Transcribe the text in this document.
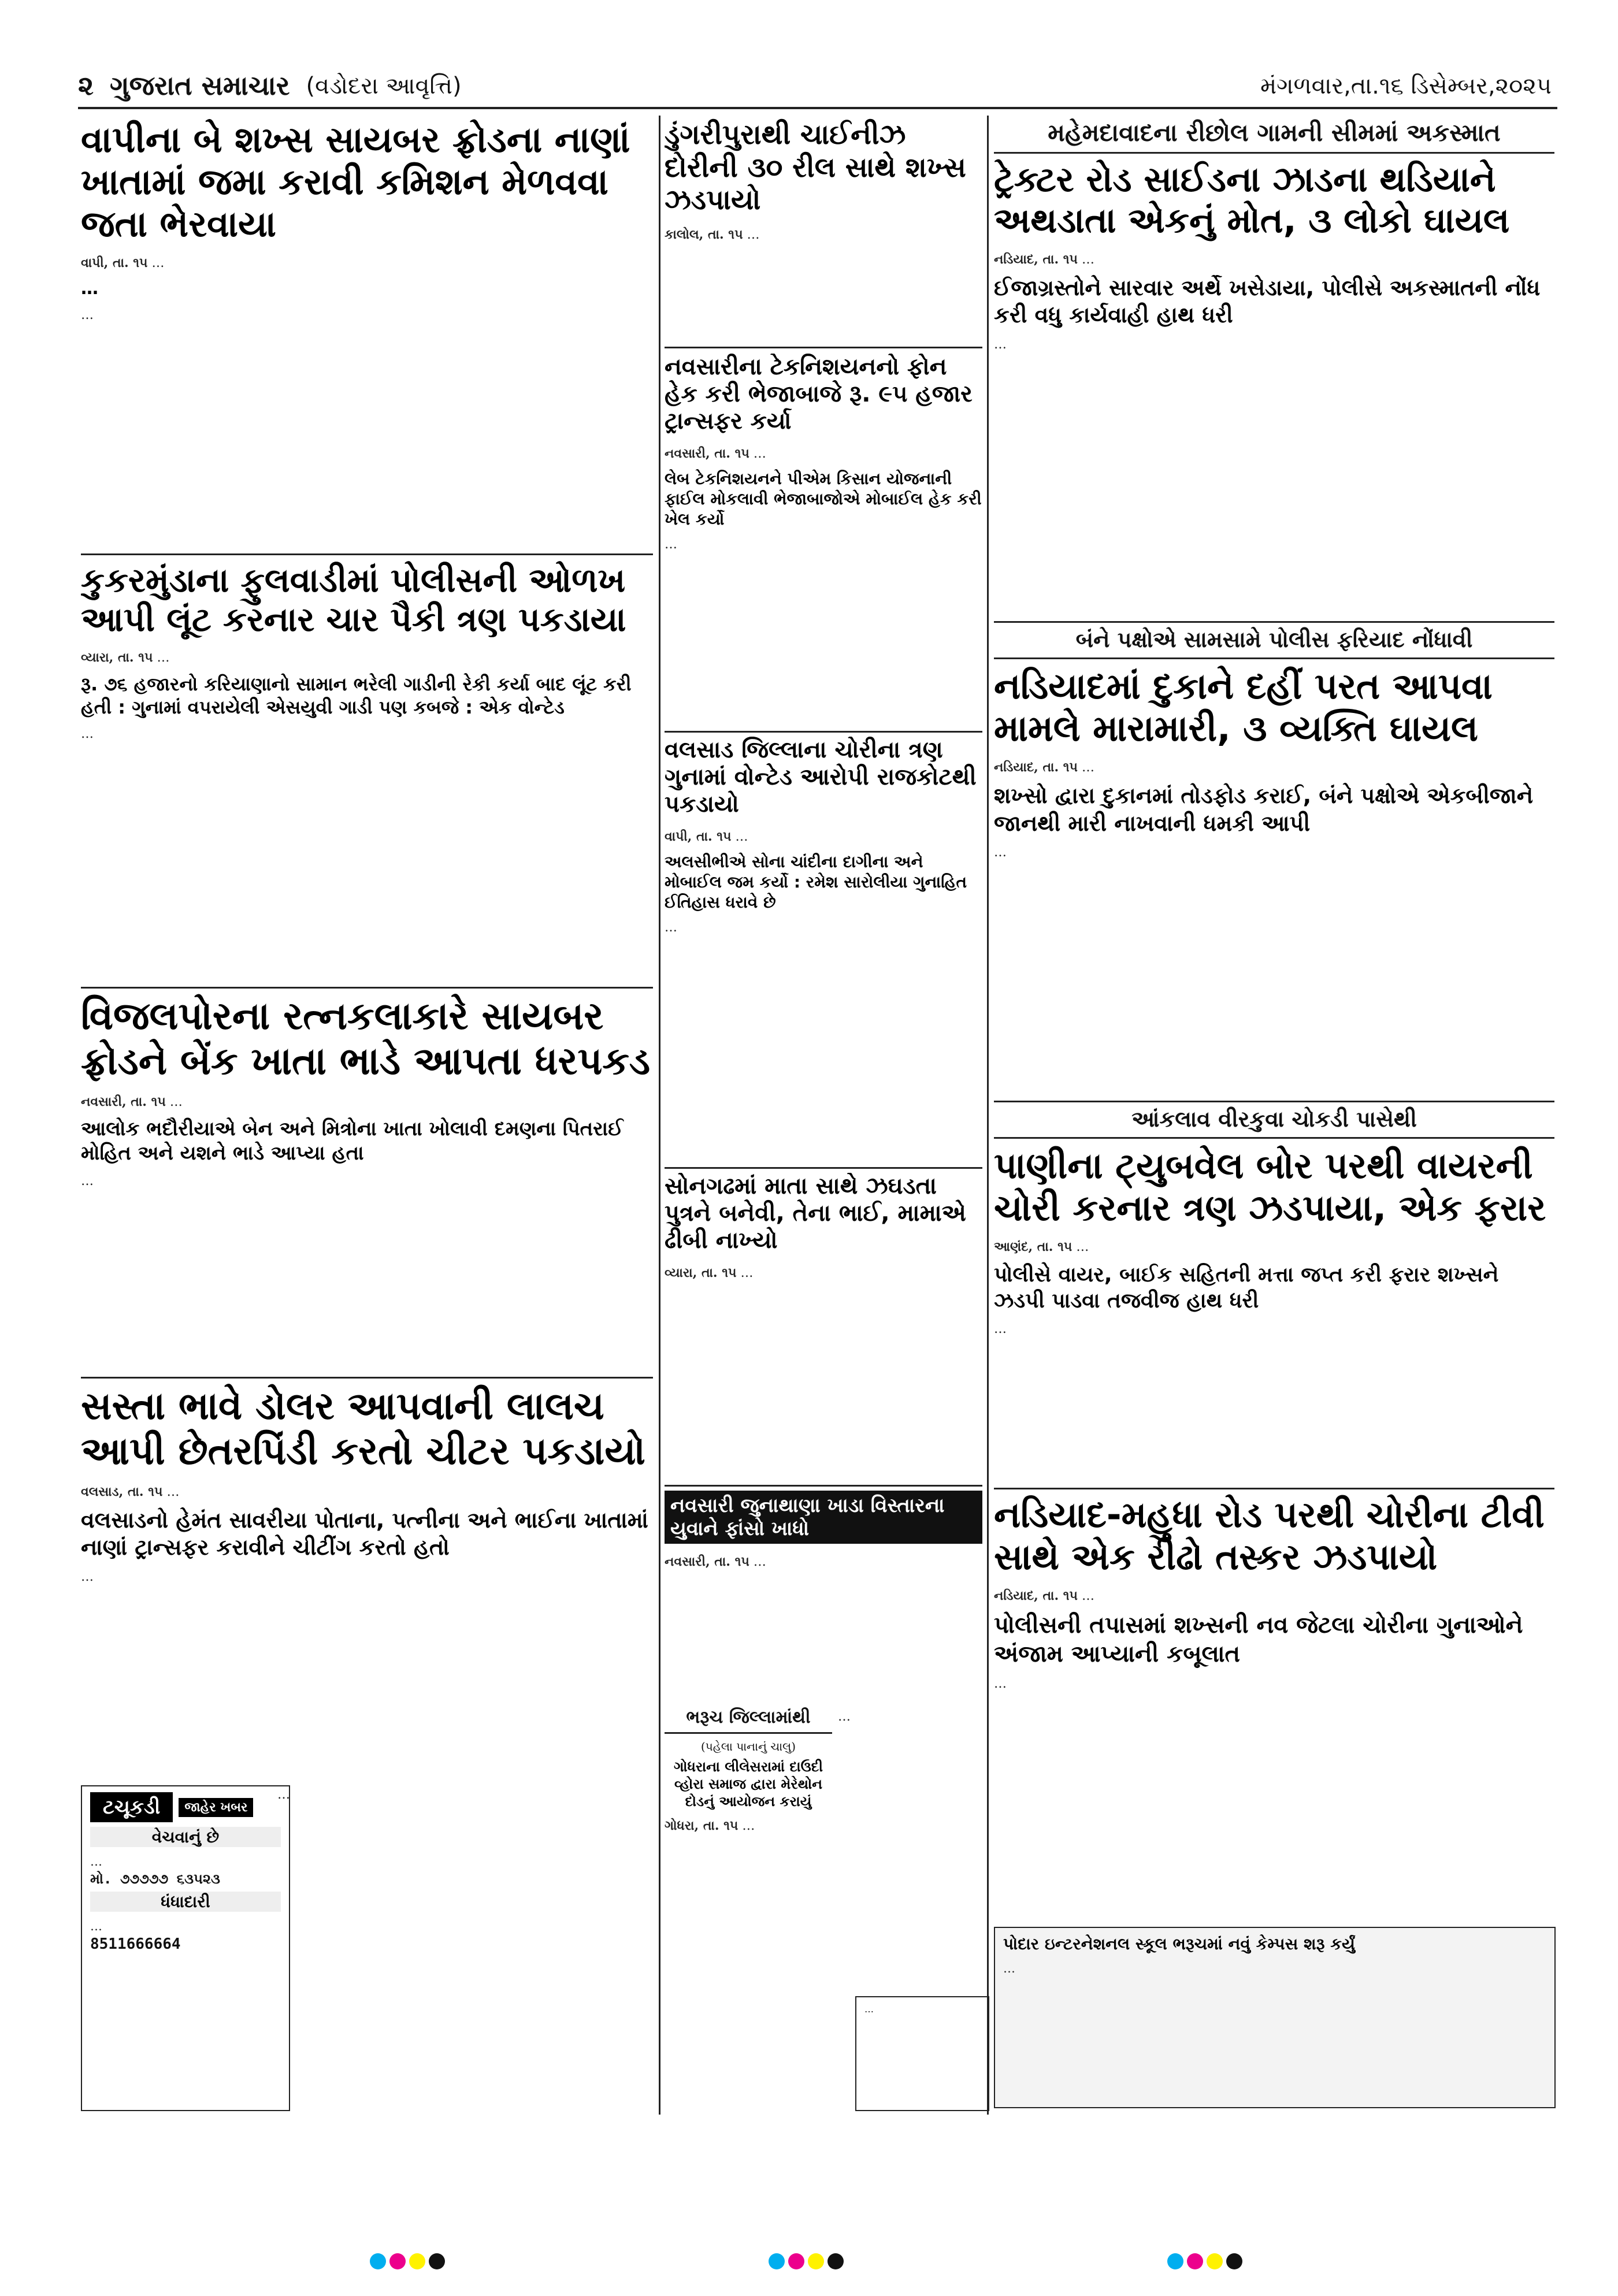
૨ ગુજરાત સમાચાર (વડોદરા આવૃત્તિ)	મંગળવાર,તા.૧૬ ડિસેમ્બર,૨૦૨૫
વાપીના બે શખ્સ સાયબર ફ્રોડના નાણાં ખાતામાં જમા કરાવી કમિશન મેળવવા જતા ભેરવાયા
વાપી, તા. ૧૫ …
…
…
કુકરમુંડાના ફુલવાડીમાં પોલીસની ઓળખ આપી લૂંટ કરનાર ચાર પૈકી ત્રણ પકડાયા
વ્યારા, તા. ૧૫ …
રૂ. ૭૬ હજારનો કરિયાણાનો સામાન ભરેલી ગાડીની રેકી કર્યા બાદ લૂંટ કરી હતી : ગુનામાં વપરાયેલી એસયુવી ગાડી પણ કબજે : એક વોન્ટેડ
…
વિજલપોરના રત્નકલાકારે સાયબર ફ્રોડને બેંક ખાતા ભાડે આપતા ધરપકડ
નવસારી, તા. ૧૫ …
આલોક ભદૌરીયાએ બેન અને મિત્રોના ખાતા ખોલાવી દમણના પિતરાઈ મોહિત અને યશને ભાડે આપ્યા હતા
…
સસ્તા ભાવે ડોલર આપવાની લાલચ આપી છેતરપિંડી કરતો ચીટર પકડાયો
વલસાડ, તા. ૧૫ …
વલસાડનો હેમંત સાવરીયા પોતાના, પત્નીના અને ભાઈના ખાતામાં નાણાં ટ્રાન્સફર કરાવીને ચીટીંગ કરતો હતો
…
ટચૂકડી	જાહેર ખબર
વેચવાનું છે
…
મો. ૭૭૭૭૭ ૬૩૫૨૩
ધંધાદારી
…
8511666664
…
ડુંગરીપુરાથી ચાઈનીઝ દોરીની ૩૦ રીલ સાથે શખ્સ ઝડપાયો
કાલોલ, તા. ૧૫ …
નવસારીના ટેકનિશયનનો ફોન હેક કરી ભેજાબાજે રૂ. ૯૫ હજાર ટ્રાન્સફર કર્યા
નવસારી, તા. ૧૫ …
લેબ ટેકનિશયનને પીએમ કિસાન યોજનાની ફાઈલ મોકલાવી ભેજાબાજોએ મોબાઈલ હેક કરી ખેલ કર્યો
…
વલસાડ જિલ્લાના ચોરીના ત્રણ ગુનામાં વોન્ટેડ આરોપી રાજકોટથી પકડાયો
વાપી, તા. ૧૫ …
અલસીભીએ સોના ચાંદીના દાગીના અને મોબાઈલ જમ કર્યો : રમેશ સારોલીયા ગુનાહિત ઈતિહાસ ધરાવે છે
…
સોનગઢમાં માતા સાથે ઝઘડતા પુત્રને બનેવી, તેના ભાઈ, મામાએ ઢીબી નાખ્યો
વ્યારા, તા. ૧૫ …
નવસારી જુનાથાણા ખાડા વિસ્તારના યુવાને ફાંસો ખાધો
નવસારી, તા. ૧૫ …
…
ભરૂચ જિલ્લામાંથી
(પહેલા પાનાનું ચાલુ)
ગોધરાના લીલેસરામાં દાઉદી વ્હોરા સમાજ દ્વારા મેરેથોન દોડનું આયોજન કરાયું
ગોધરા, તા. ૧૫ …
…
મહેમદાવાદના રીછોલ ગામની સીમમાં અકસ્માત
ટ્રેક્ટર રોડ સાઈડના ઝાડના થડિયાને અથડાતા એકનું મોત, ૩ લોકો ઘાયલ
નડિયાદ, તા. ૧૫ …
ઈજાગ્રસ્તોને સારવાર અર્થે ખસેડાયા, પોલીસે અકસ્માતની નોંધ કરી વધુ કાર્યવાહી હાથ ધરી
…
બંને પક્ષોએ સામસામે પોલીસ ફરિયાદ નોંધાવી
નડિયાદમાં દુકાને દહીં પરત આપવા મામલે મારામારી, ૩ વ્યક્તિ ઘાયલ
નડિયાદ, તા. ૧૫ …
શખ્સો દ્વારા દુકાનમાં તોડફોડ કરાઈ, બંને પક્ષોએ એકબીજાને જાનથી મારી નાખવાની ધમકી આપી
…
આંકલાવ વીરકુવા ચોકડી પાસેથી
પાણીના ટ્યુબવેલ બોર પરથી વાયરની ચોરી કરનાર ત્રણ ઝડપાયા, એક ફરાર
આણંદ, તા. ૧૫ …
પોલીસે વાયર, બાઈક સહિતની મત્તા જપ્ત કરી ફરાર શખ્સને ઝડપી પાડવા તજવીજ હાથ ધરી
…
નડિયાદ-મહુધા રોડ પરથી ચોરીના ટીવી સાથે એક રીઢો તસ્કર ઝડપાયો
નડિયાદ, તા. ૧૫ …
પોલીસની તપાસમાં શખ્સની નવ જેટલા ચોરીના ગુનાઓને અંજામ આપ્યાની કબૂલાત
…
પોદાર ઇન્ટરનેશનલ સ્કૂલ ભરૂચમાં નવું કેમ્પસ શરૂ કર્યું
…
